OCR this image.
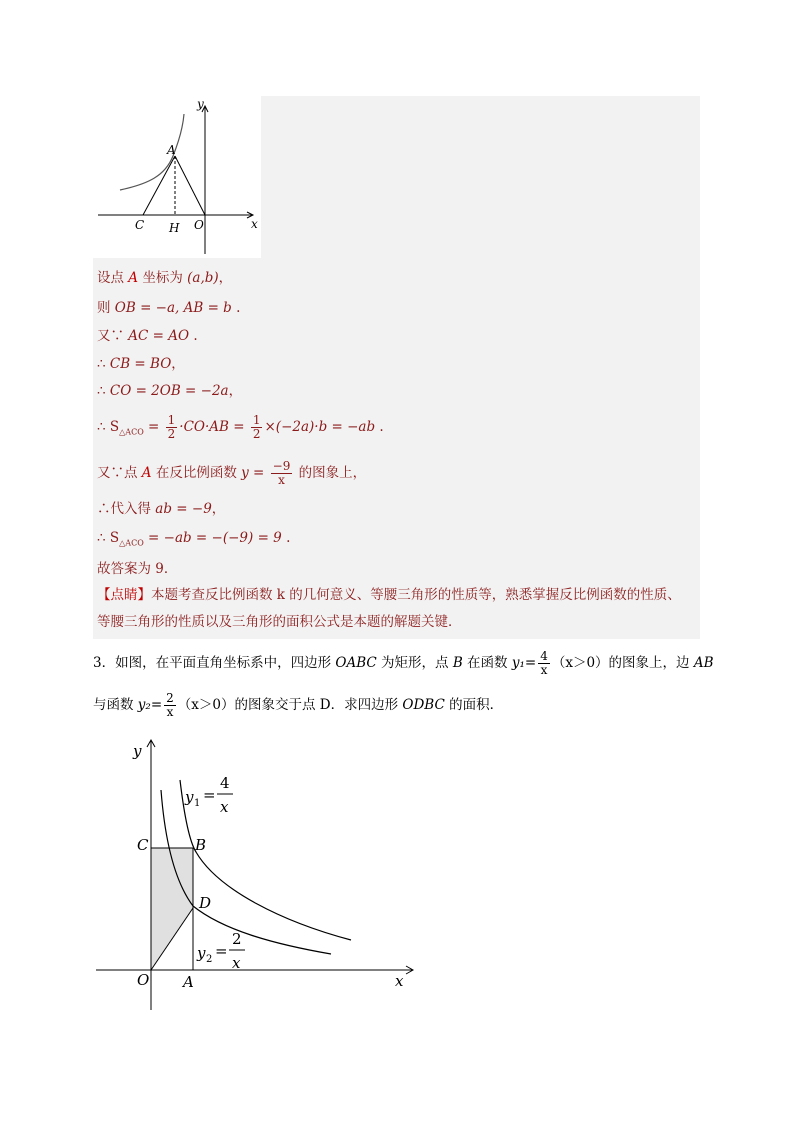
y
A
C H O	x
设点 A 坐标为 (a,b)，
则 OB = −a, AB = b .
又∵ AC = AO .
∴ CB = BO，
∴ CO = 2OB = −2a，
∴ $S_{\triangle ACO} = \frac{1}{2} \cdot CO\cdot AB = \frac{1}{2} \times(-2a)\cdot b = -ab$ .
又∵点 A 在反比例函数 $y = \frac{-9}{x}$ 的图象上，
∴代入得 ab = −9，
∴ $S_{\triangle ACO} = -ab = -(-9) = 9$ .
故答案为 9．
【点睛】本题考查反比例函数 k 的几何意义、等腰三角形的性质等，熟悉掌握反比例函数的性质、
等腰三角形的性质以及三角形的面积公式是本题的解题关键．
3．如图，在平面直角坐标系中，四边形 OABC 为矩形，点 B 在函数 $y_1= \frac{4}{x} (x>0)$的图象上，边 AB
与函数 $y_2= \frac{2}{x} (x>0)$的图象交于点 D．求四边形 ODBC 的面积．
y
x
O A
B
C
D
y 1 =
4
x
y 2 =
2
x
